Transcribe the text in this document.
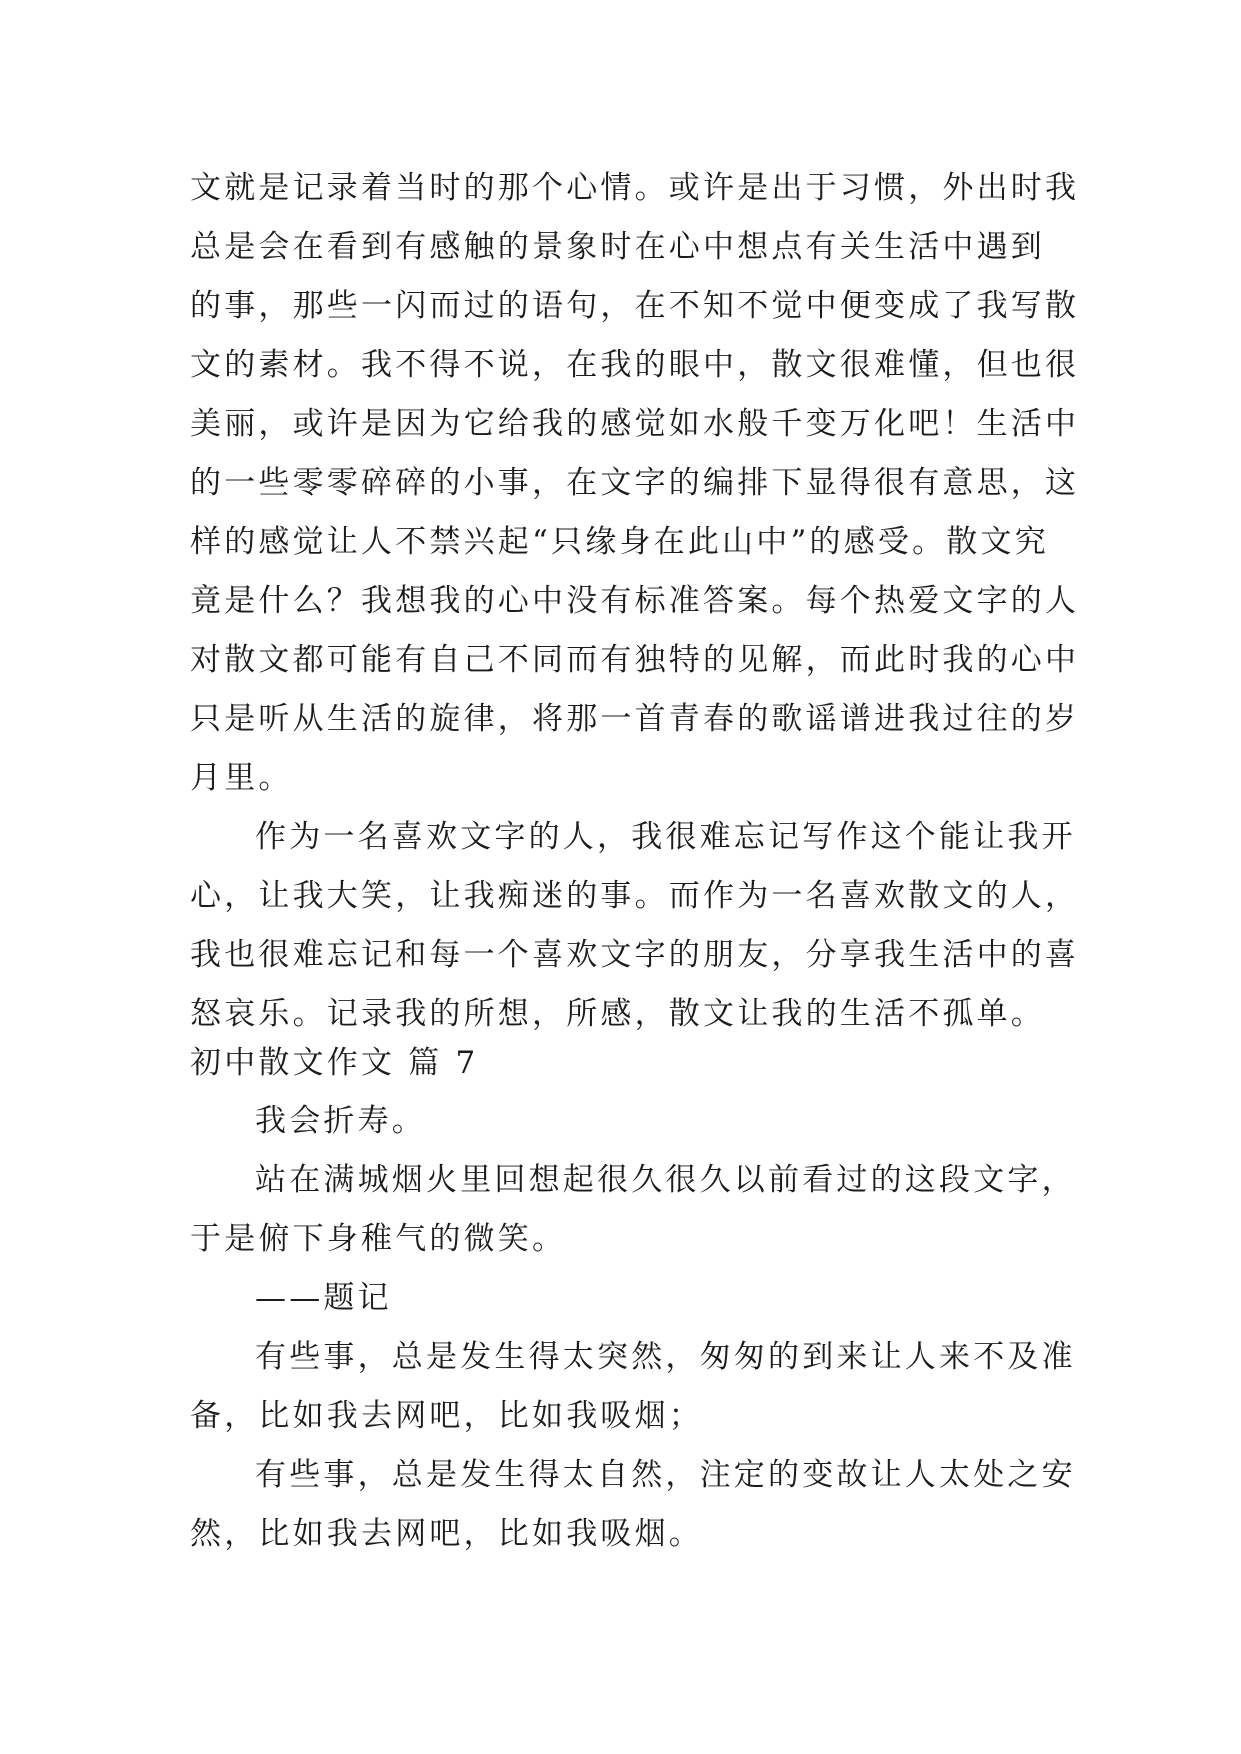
文就是记录着当时的那个心情。或许是出于习惯，外出时我
总是会在看到有感触的景象时在心中想点有关生活中遇到
的事，那些一闪而过的语句，在不知不觉中便变成了我写散
文的素材。我不得不说，在我的眼中，散文很难懂，但也很
美丽，或许是因为它给我的感觉如水般千变万化吧！生活中
的一些零零碎碎的小事，在文字的编排下显得很有意思，这
样的感觉让人不禁兴起“只缘身在此山中”的感受。散文究
竟是什么？我想我的心中没有标准答案。每个热爱文字的人
对散文都可能有自己不同而有独特的见解，而此时我的心中
只是听从生活的旋律，将那一首青春的歌谣谱进我过往的岁
月里。
作为一名喜欢文字的人，我很难忘记写作这个能让我开
心，让我大笑，让我痴迷的事。而作为一名喜欢散文的人，
我也很难忘记和每一个喜欢文字的朋友，分享我生活中的喜
怒哀乐。记录我的所想，所感，散文让我的生活不孤单。
初中散文作文 篇 7
我会折寿。
站在满城烟火里回想起很久很久以前看过的这段文字，
于是俯下身稚气的微笑。
——题记
有些事，总是发生得太突然，匆匆的到来让人来不及准
备，比如我去网吧，比如我吸烟；
有些事，总是发生得太自然，注定的变故让人太处之安
然，比如我去网吧，比如我吸烟。
